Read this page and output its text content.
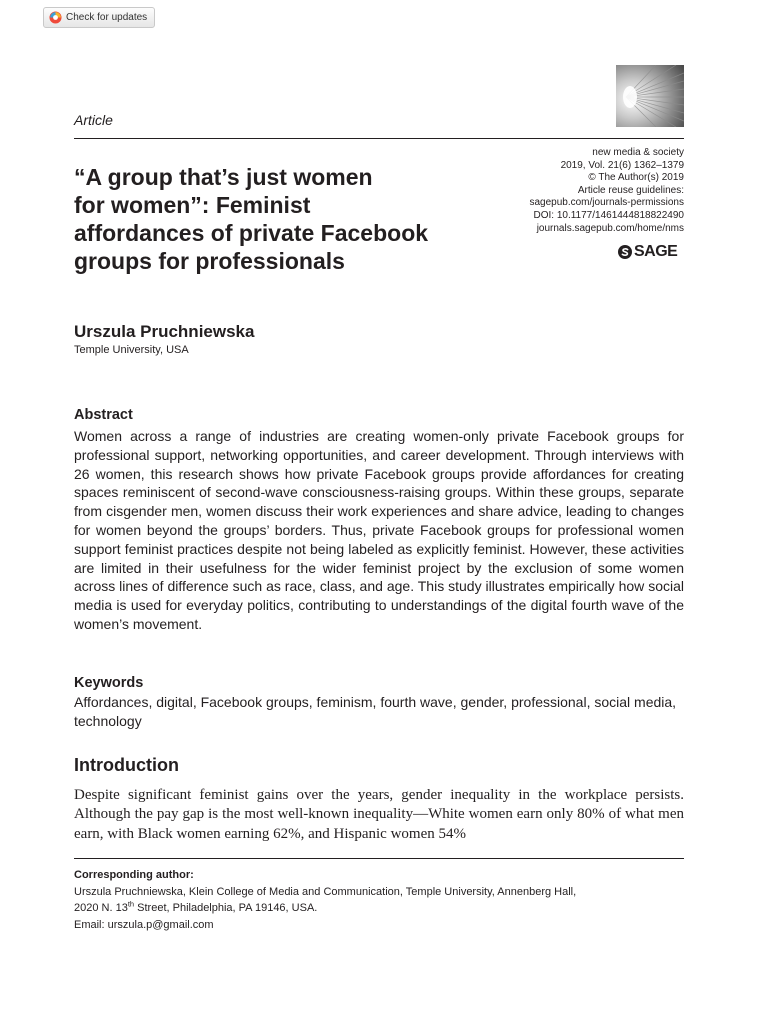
Check for updates
Article
new media & society
2019, Vol. 21(6) 1362–1379
© The Author(s) 2019
Article reuse guidelines:
sagepub.com/journals-permissions
DOI: 10.1177/1461444818822490
journals.sagepub.com/home/nms
SAGE
“A group that’s just women
for women”: Feminist
affordances of private Facebook
groups for professionals
Urszula Pruchniewska
Temple University, USA
Abstract
Women across a range of industries are creating women-only private Facebook groups for professional support, networking opportunities, and career development. Through interviews with 26 women, this research shows how private Facebook groups provide affordances for creating spaces reminiscent of second-wave consciousness-raising groups. Within these groups, separate from cisgender men, women discuss their work experiences and share advice, leading to changes for women beyond the groups’ borders. Thus, private Facebook groups for professional women support feminist practices despite not being labeled as explicitly feminist. However, these activities are limited in their usefulness for the wider feminist project by the exclusion of some women across lines of difference such as race, class, and age. This study illustrates empirically how social media is used for everyday politics, contributing to understandings of the digital fourth wave of the women’s movement.
Keywords
Affordances, digital, Facebook groups, feminism, fourth wave, gender, professional, social media, technology
Introduction
Despite significant feminist gains over the years, gender inequality in the workplace persists. Although the pay gap is the most well-known inequality—White women earn only 80% of what men earn, with Black women earning 62%, and Hispanic women 54%
Corresponding author:
Urszula Pruchniewska, Klein College of Media and Communication, Temple University, Annenberg Hall,
2020 N. 13th Street, Philadelphia, PA 19146, USA.
Email: urszula.p@gmail.com
